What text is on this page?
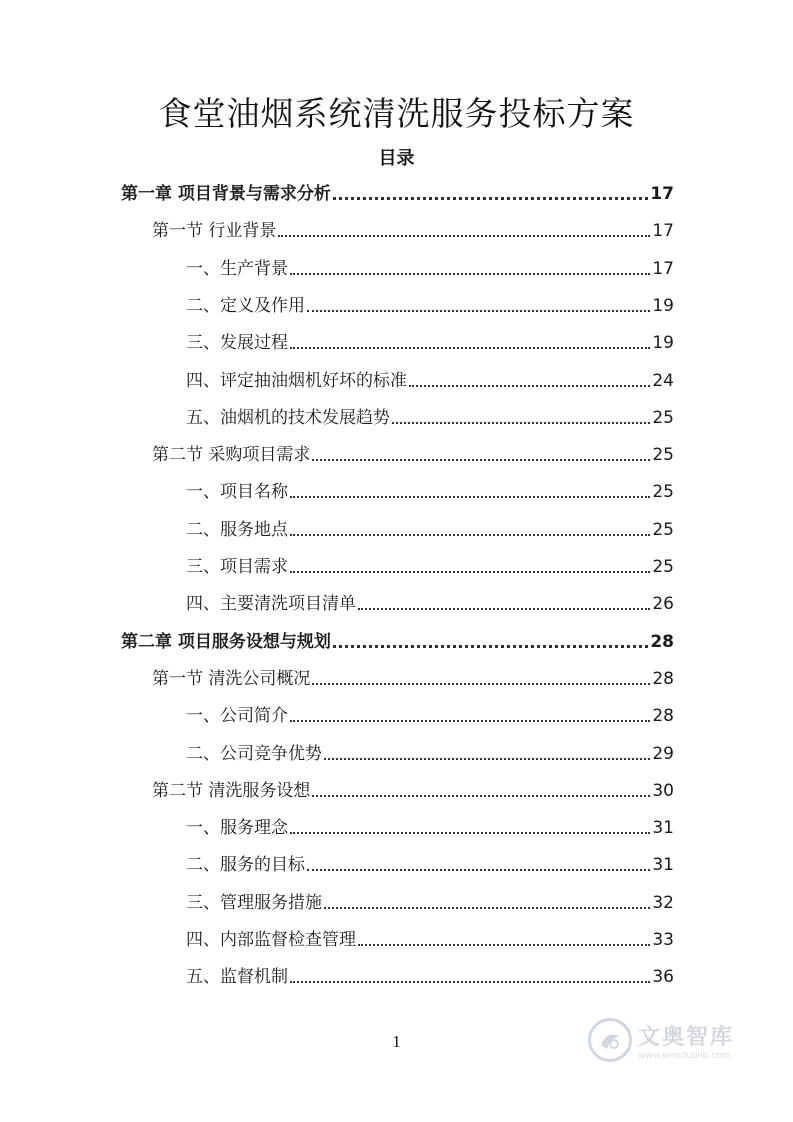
食堂油烟系统清洗服务投标方案
目录
第一章 项目背景与需求分析	17
第一节 行业背景	17
一、生产背景	17
二、定义及作用	19
三、发展过程	19
四、评定抽油烟机好坏的标准	24
五、油烟机的技术发展趋势	25
第二节 采购项目需求	25
一、项目名称	25
二、服务地点	25
三、项目需求	25
四、主要清洗项目清单	26
第二章 项目服务设想与规划	28
第一节 清洗公司概况	28
一、公司简介	28
二、公司竞争优势	29
第二节 清洗服务设想	30
一、服务理念	31
二、服务的目标	31
三、管理服务措施	32
四、内部监督检查管理	33
五、监督机制	36
1	文奥智库
www.wenduolib.com
